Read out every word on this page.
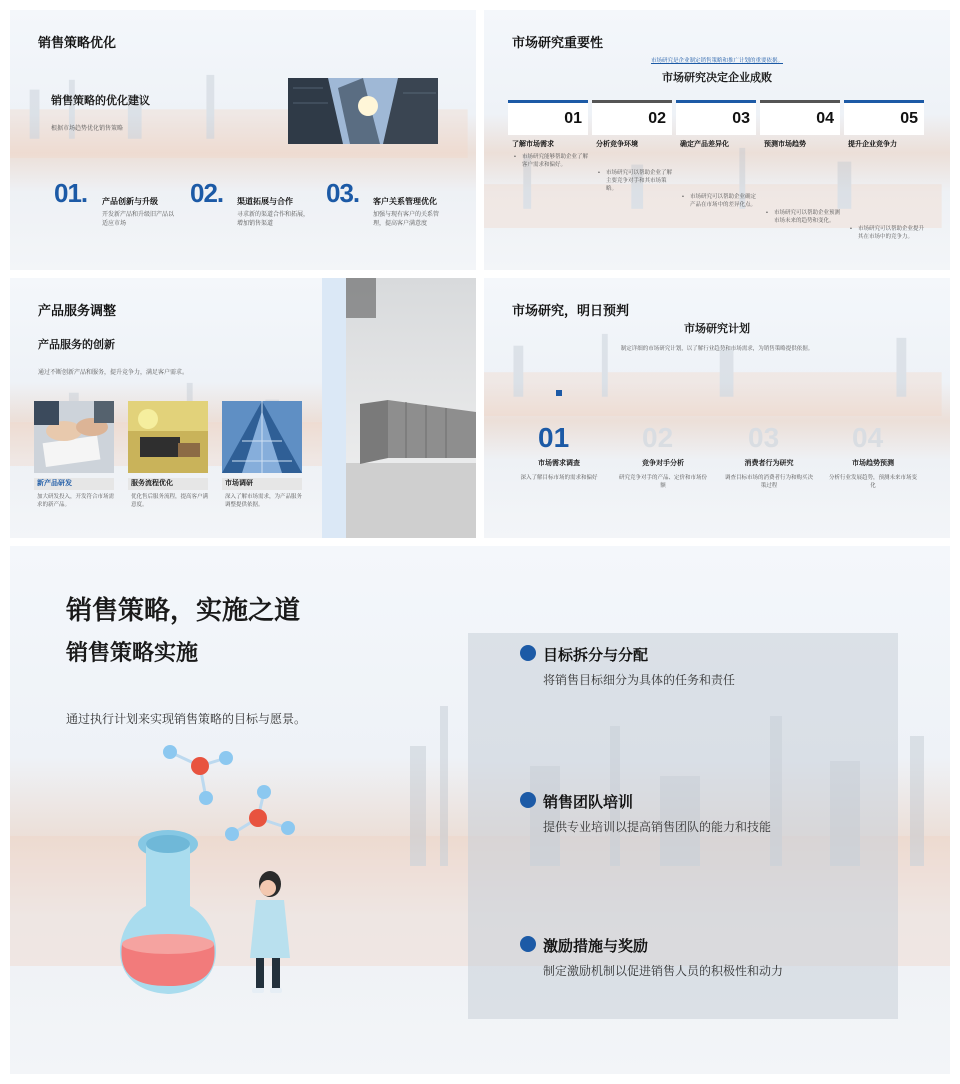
销售策略优化
销售策略的优化建议
根据市场趋势优化销售策略
01. 产品创新与升级
开发新产品和升级旧产品以适应市场
02. 渠道拓展与合作
寻求新的渠道合作和拓展，增加销售渠道
03. 客户关系管理优化
加强与现有客户的关系管理，提高客户满意度
市场研究重要性
市场研究是企业制定销售策略和推广计划的重要依据。
市场研究决定企业成败
01	02	03	04	05
了解市场需求
• 市场研究能够帮助企业了解客户需求和偏好。
分析竞争环境
• 市场研究可以帮助企业了解主要竞争对手和其市场策略。
确定产品差异化
• 市场研究可以帮助企业确定产品在市场中的差异化点。
预测市场趋势
• 市场研究可以帮助企业预测市场未来的趋势和变化。
提升企业竞争力
• 市场研究可以帮助企业提升其在市场中的竞争力。
产品服务调整
产品服务的创新
通过不断创新产品和服务，提升竞争力，满足客户需求。
新产品研发
加大研发投入，开发符合市场需求的新产品。
服务流程优化
优化售后服务流程，提高客户满意度。
市场调研
深入了解市场需求，为产品服务调整提供依据。
市场研究，明日预判
市场研究计划
制定详细的市场研究计划，以了解行业趋势和市场需求，为销售策略提供依据。
01
市场需求调查
深入了解目标市场的需求和偏好
02
竞争对手分析
研究竞争对手的产品、定价和市场份额
03
消费者行为研究
调查目标市场的消费者行为和购买决策过程
04
市场趋势预测
分析行业发展趋势，预测未来市场变化
销售策略，实施之道
销售策略实施
通过执行计划来实现销售策略的目标与愿景。
目标拆分与分配
将销售目标细分为具体的任务和责任
销售团队培训
提供专业培训以提高销售团队的能力和技能
激励措施与奖励
制定激励机制以促进销售人员的积极性和动力
